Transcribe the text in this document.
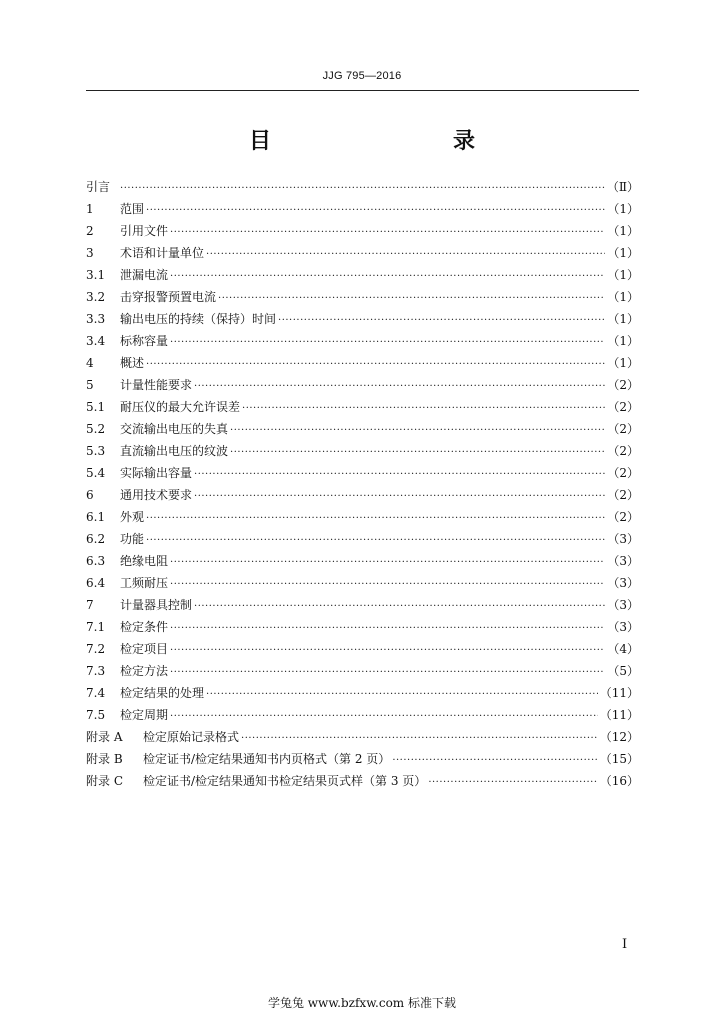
JJG 795—2016
目　　录
引言 ·····	（Ⅱ）
1	范围 ·····	（1）
2	引用文件 ·····	（1）
3	术语和计量单位 ·····	（1）
3.1	泄漏电流 ·····	（1）
3.2	击穿报警预置电流 ·····	（1）
3.3	输出电压的持续（保持）时间 ·····	（1）
3.4	标称容量 ·····	（1）
4	概述 ·····	（1）
5	计量性能要求 ·····	（2）
5.1	耐压仪的最大允许误差 ·····	（2）
5.2	交流输出电压的失真 ·····	（2）
5.3	直流输出电压的纹波 ·····	（2）
5.4	实际输出容量 ·····	（2）
6	通用技术要求 ·····	（2）
6.1	外观 ·····	（2）
6.2	功能 ·····	（3）
6.3	绝缘电阻 ·····	（3）
6.4	工频耐压 ·····	（3）
7	计量器具控制 ·····	（3）
7.1	检定条件 ·····	（3）
7.2	检定项目 ·····	（4）
7.3	检定方法 ·····	（5）
7.4	检定结果的处理 ·····	（11）
7.5	检定周期 ·····	（11）
附录 A	检定原始记录格式 ·····	（12）
附录 B	检定证书/检定结果通知书内页格式（第 2 页） ·····	（15）
附录 C	检定证书/检定结果通知书检定结果页式样（第 3 页） ·····	（16）
I
学兔兔 www.bzfxw.com 标准下载
